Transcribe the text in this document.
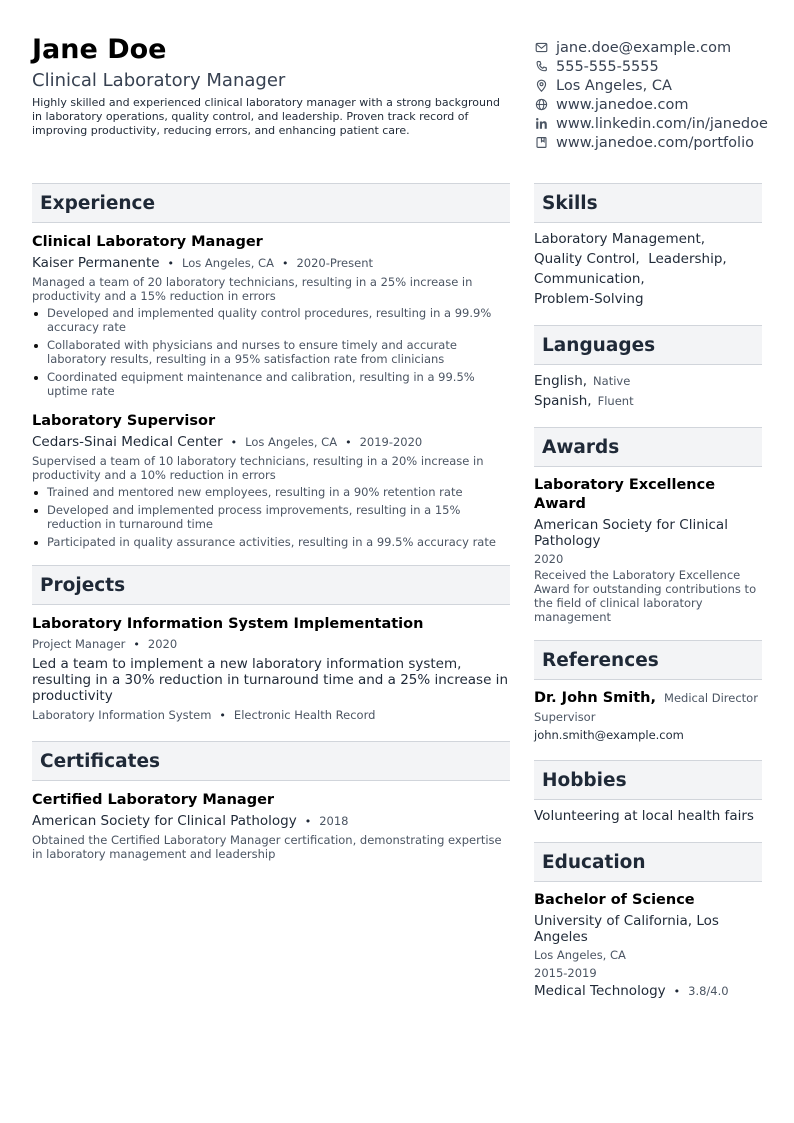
Jane Doe
Clinical Laboratory Manager
Highly skilled and experienced clinical laboratory manager with a strong background in laboratory operations, quality control, and leadership. Proven track record of improving productivity, reducing errors, and enhancing patient care.
jane.doe@example.com
555-555-5555
Los Angeles, CA
www.janedoe.com
www.linkedin.com/in/janedoe
www.janedoe.com/portfolio
Experience
Clinical Laboratory Manager
Kaiser Permanente • Los Angeles, CA • 2020-Present
Managed a team of 20 laboratory technicians, resulting in a 25% increase in productivity and a 15% reduction in errors
Developed and implemented quality control procedures, resulting in a 99.9% accuracy rate
Collaborated with physicians and nurses to ensure timely and accurate laboratory results, resulting in a 95% satisfaction rate from clinicians
Coordinated equipment maintenance and calibration, resulting in a 99.5% uptime rate
Laboratory Supervisor
Cedars-Sinai Medical Center • Los Angeles, CA • 2019-2020
Supervised a team of 10 laboratory technicians, resulting in a 20% increase in productivity and a 10% reduction in errors
Trained and mentored new employees, resulting in a 90% retention rate
Developed and implemented process improvements, resulting in a 15% reduction in turnaround time
Participated in quality assurance activities, resulting in a 99.5% accuracy rate
Projects
Laboratory Information System Implementation
Project Manager • 2020
Led a team to implement a new laboratory information system, resulting in a 30% reduction in turnaround time and a 25% increase in productivity
Laboratory Information System • Electronic Health Record
Certificates
Certified Laboratory Manager
American Society for Clinical Pathology • 2018
Obtained the Certified Laboratory Manager certification, demonstrating expertise in laboratory management and leadership
Skills
Laboratory Management,
Quality Control, Leadership,
Communication,
Problem-Solving
Languages
English, Native
Spanish, Fluent
Awards
Laboratory Excellence Award
American Society for Clinical Pathology
2020
Received the Laboratory Excellence Award for outstanding contributions to the field of clinical laboratory management
References
Dr. John Smith, Medical Director
Supervisor
john.smith@example.com
Hobbies
Volunteering at local health fairs
Education
Bachelor of Science
University of California, Los Angeles
Los Angeles, CA
2015-2019
Medical Technology • 3.8/4.0
